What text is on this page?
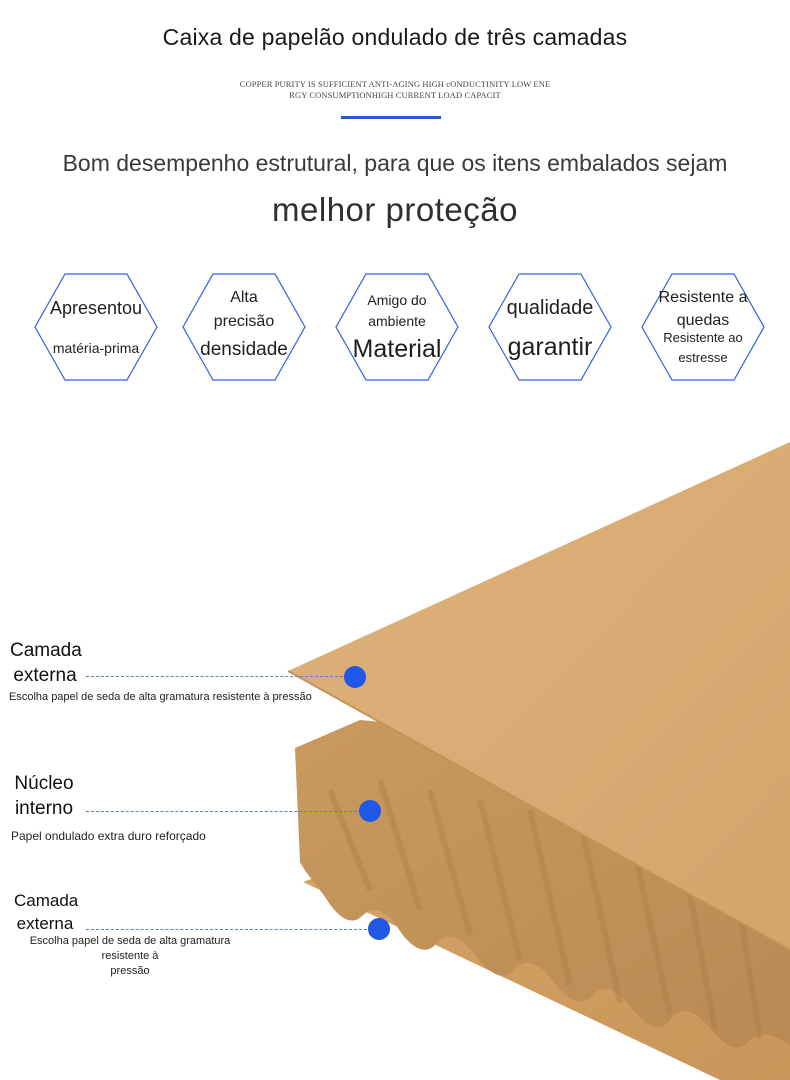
Caixa de papelão ondulado de três camadas
COPPER PURITY IS SUFFICIENT ANTI-AGING HIGH cONDUCTINITY LOW ENE
RGY CONSUMPTIONHIGH CURRENT LOAD CAPACIT
Bom desempenho estrutural, para que os itens embalados sejam
melhor proteção
Apresentou
matéria-prima
Alta
precisão
densidade
Amigo do
ambiente
Material
qualidade
garantir
Resistente a
quedas
Resistente ao
estresse
Camada
externa
Escolha papel de seda de alta gramatura resistente à pressão
Núcleo
interno
Papel ondulado extra duro reforçado
Camada
externa
Escolha papel de seda de alta gramatura resistente à
pressão
